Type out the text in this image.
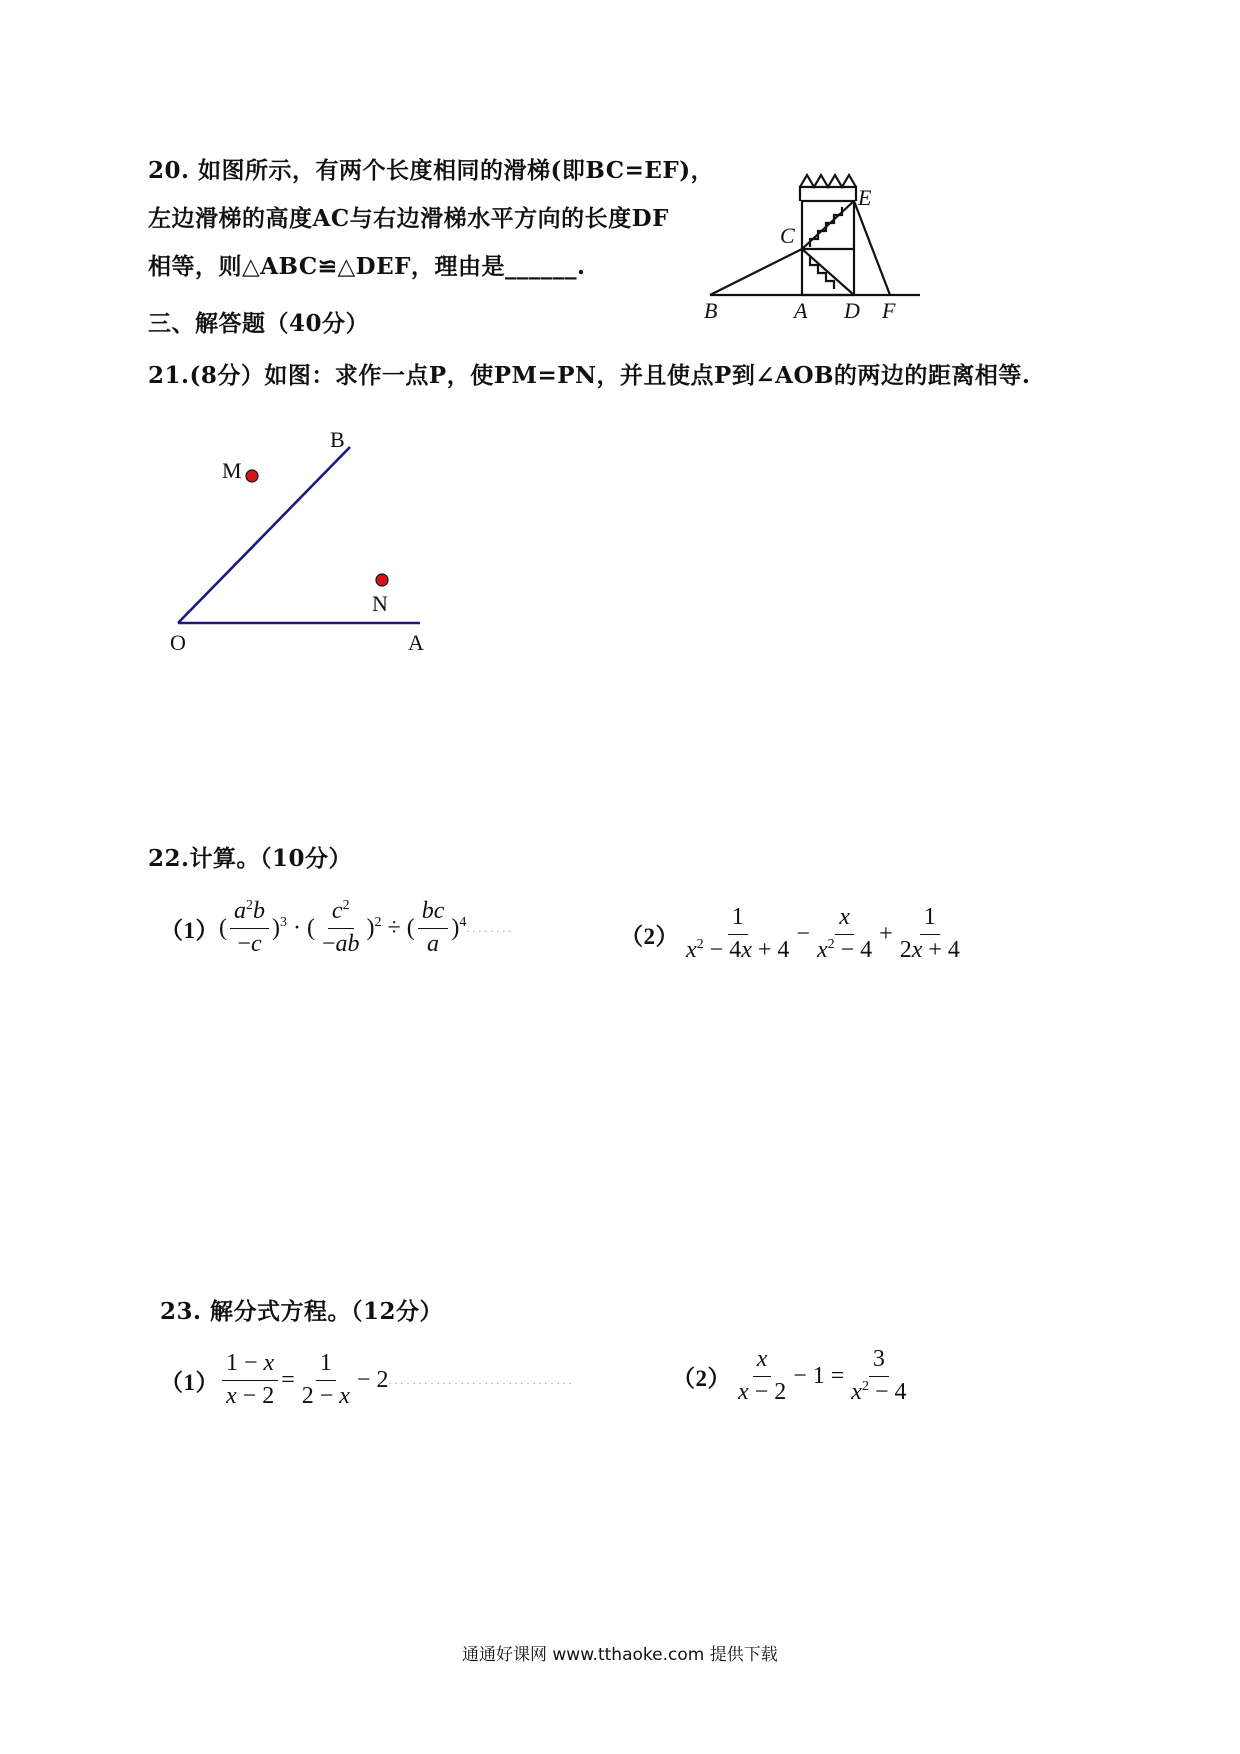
20. 如图所示，有两个长度相同的滑梯(即BC=EF)，
左边滑梯的高度AC与右边滑梯水平方向的长度DF
相等，则△ABC≌△DEF，理由是______.
B	A D F
C
E
三、解答题（40分）
21.(8分）如图：求作一点P，使PM=PN，并且使点P到∠AOB的两边的距离相等.
O	A
B
M
N
22.计算。（10分）
（1） ( $\frac{a^2b}{-c} )^3$ · ( $\frac{c^2}{-ab} )^2$ ÷ ( $\frac{bc}{a} )^4$ ........	$(2) \frac{1}{x^2 - 4x + 4} - \frac{x}{x^2 - 4} + \frac{1}{2x + 4}$
23. 解分式方程。（12分）
$(1) \frac{1 - x}{x - 2} = \frac{1}{2 - x} - 2$ ...............................	$(2) \frac{x}{x - 2} - 1 = \frac{3}{x^2 - 4}$
通通好课网 www.tthaoke.com 提供下载
